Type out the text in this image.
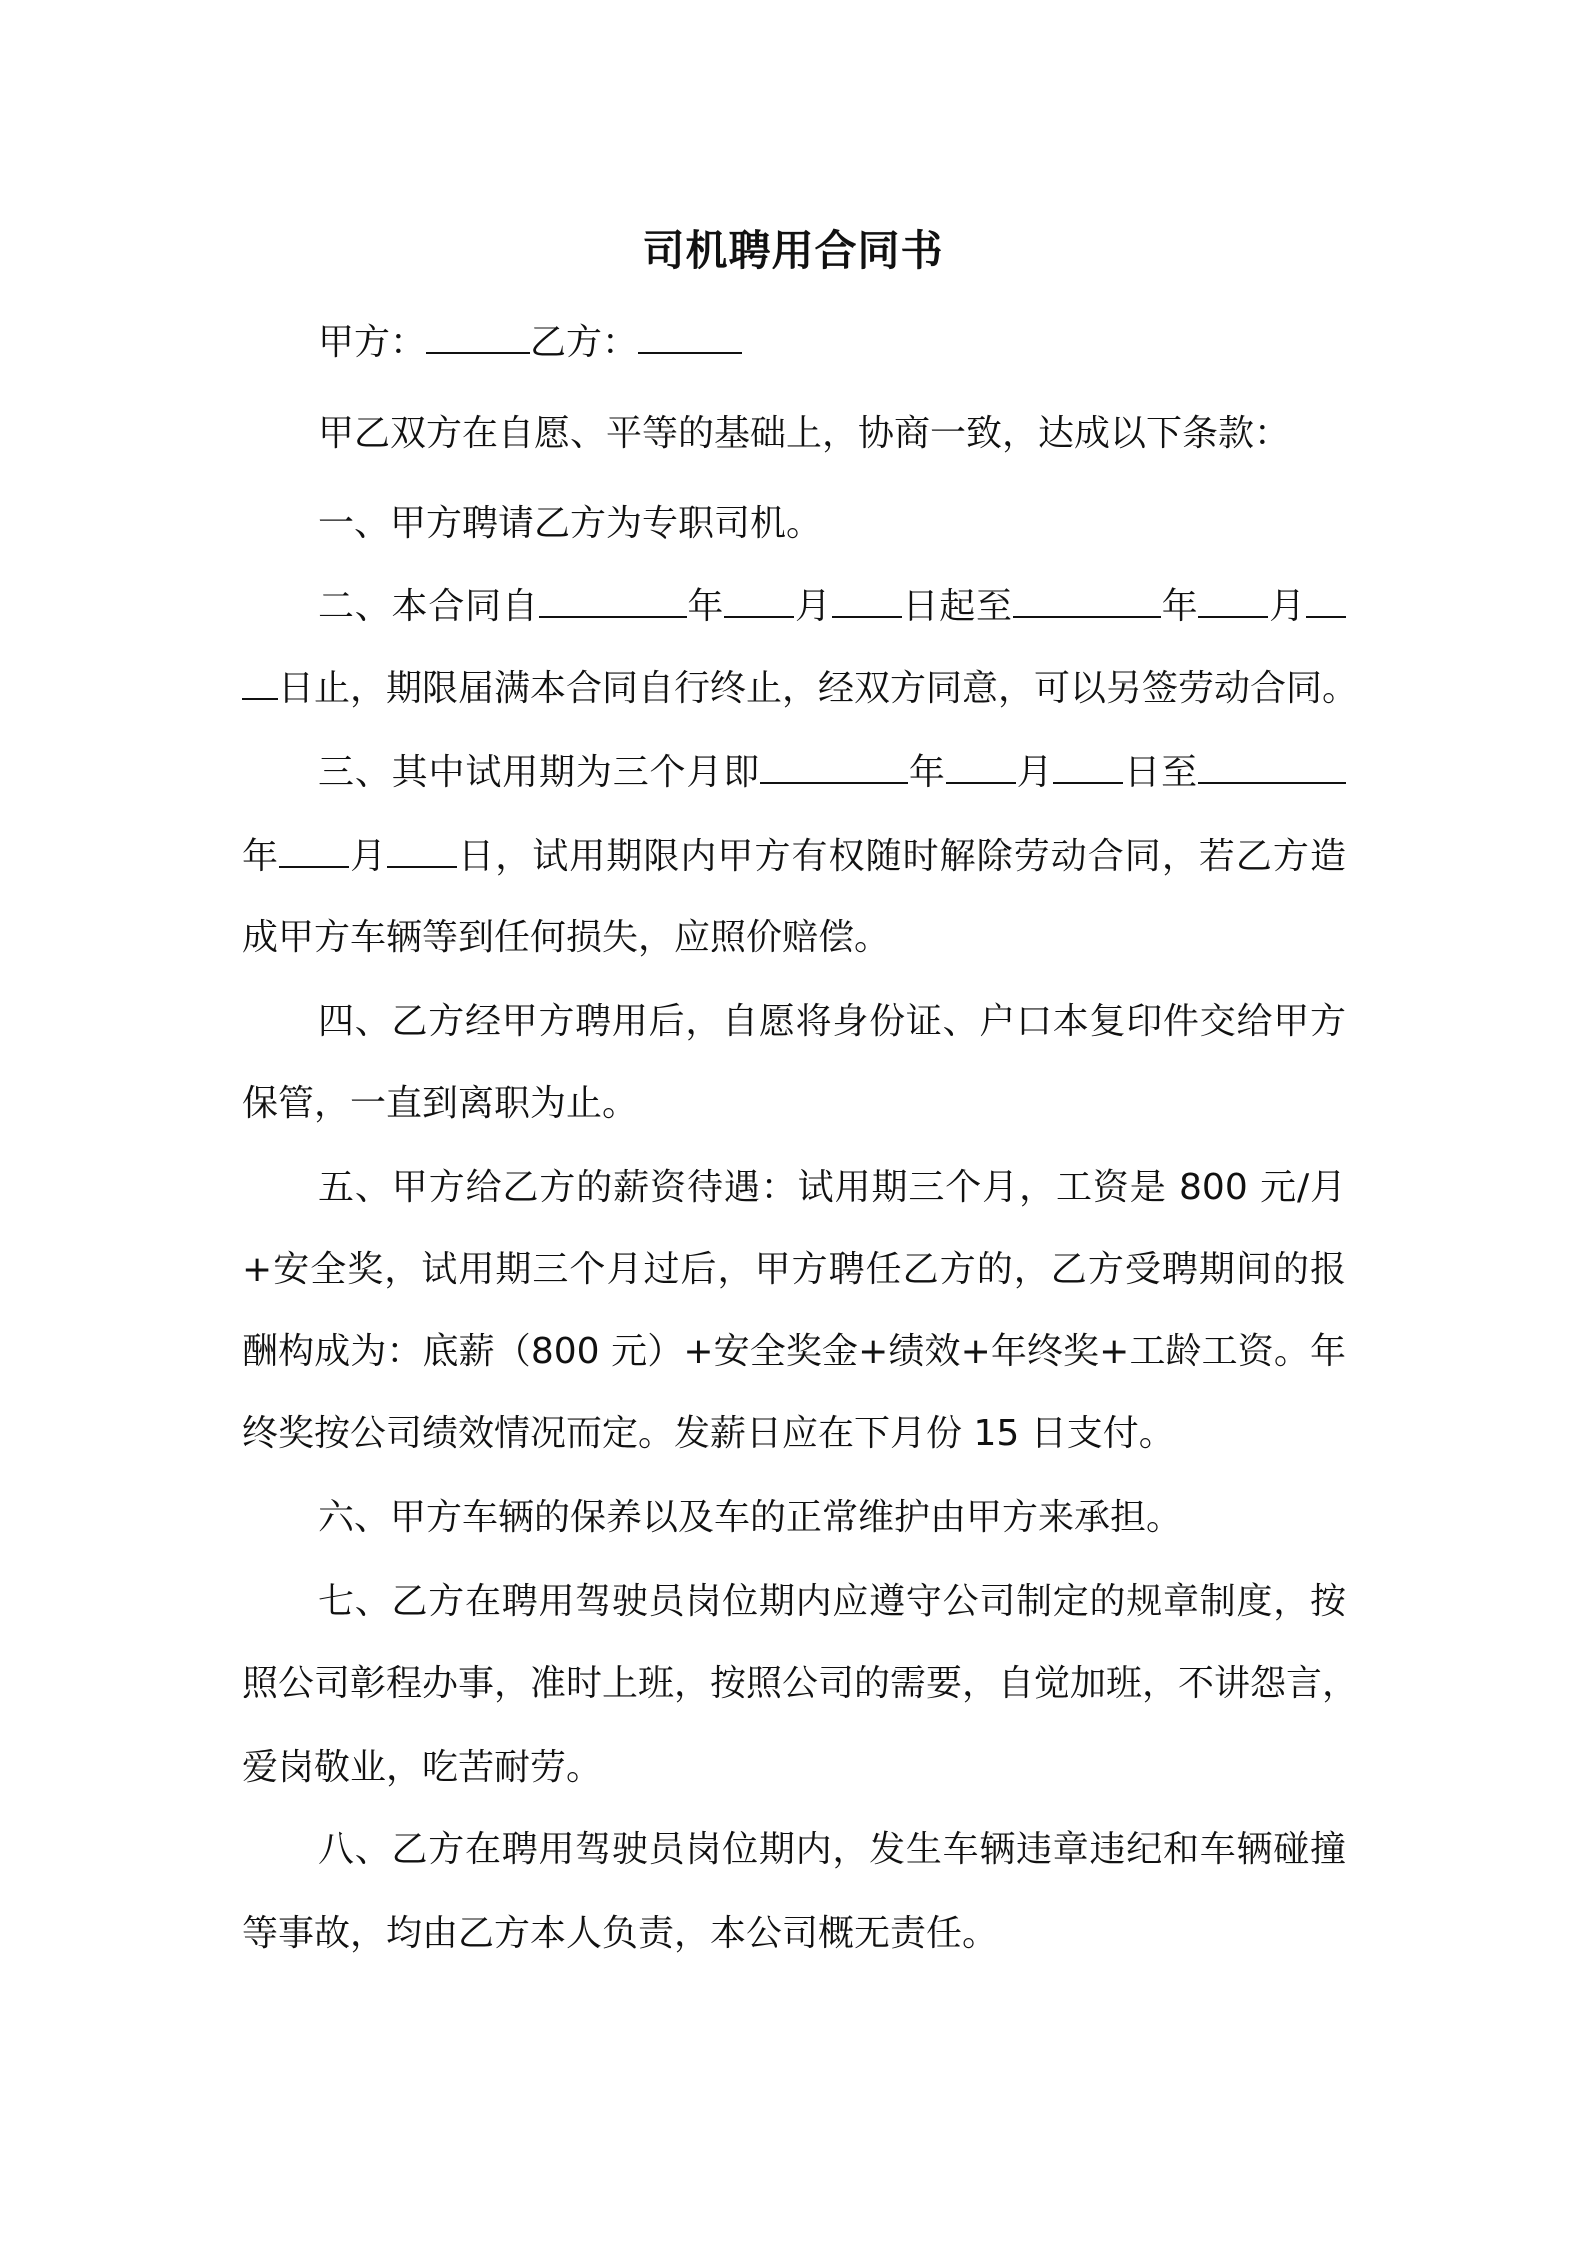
司机聘用合同书
甲方：	乙方：
甲乙双方在自愿、平等的基础上，协商一致，达成以下条款：
一、甲方聘请乙方为专职司机。
二、本合同自	年 月 日起至	年 月
日止，期限届满本合同自行终止，经双方同意，可以另签劳动合同。
三、其中试用期为三个月即	年 月 日至
年 月 日，试用期限内甲方有权随时解除劳动合同，若乙方造
成甲方车辆等到任何损失，应照价赔偿。
四、乙方经甲方聘用后，自愿将身份证、户口本复印件交给甲方
保管，一直到离职为止。
五、甲方给乙方的薪资待遇：试用期三个月，工资是 800 元/月
+安全奖，试用期三个月过后，甲方聘任乙方的，乙方受聘期间的报
酬构成为：底薪（800 元）+安全奖金+绩效+年终奖+工龄工资。年
终奖按公司绩效情况而定。发薪日应在下月份 15 日支付。
六、甲方车辆的保养以及车的正常维护由甲方来承担。
七、乙方在聘用驾驶员岗位期内应遵守公司制定的规章制度，按
照公司彰程办事，准时上班，按照公司的需要，自觉加班，不讲怨言，
爱岗敬业，吃苦耐劳。
八、乙方在聘用驾驶员岗位期内，发生车辆违章违纪和车辆碰撞
等事故，均由乙方本人负责，本公司概无责任。
